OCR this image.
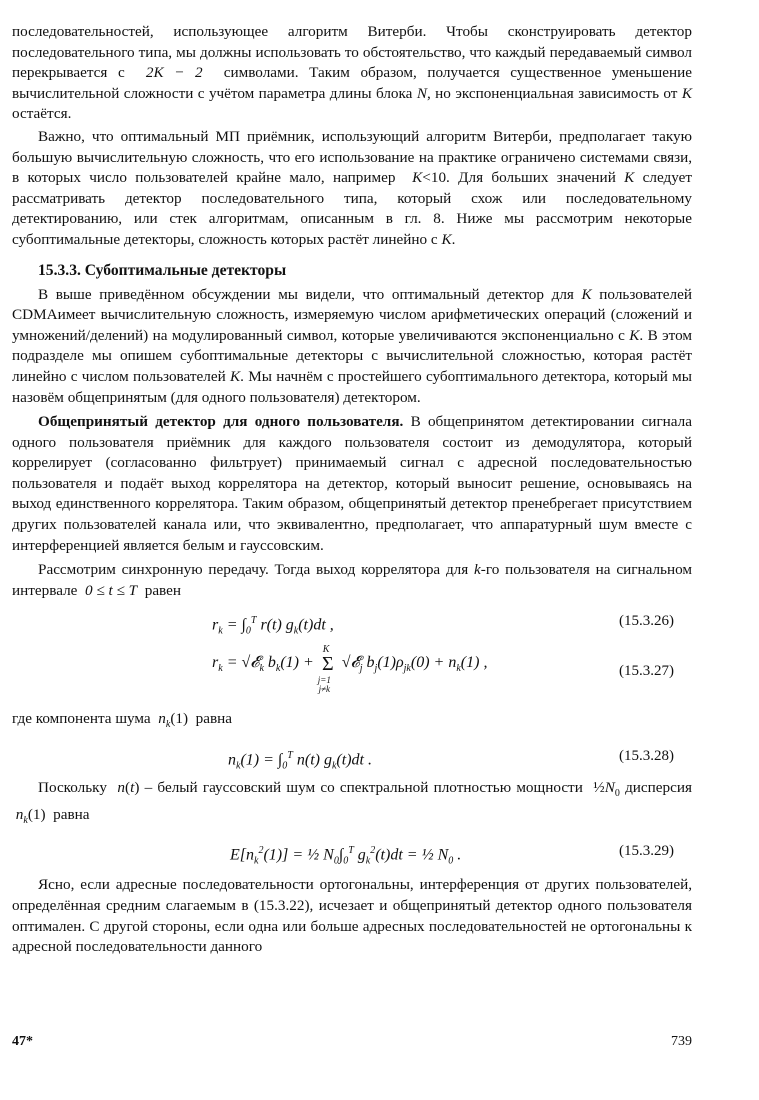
последовательностей, использующее алгоритм Витерби. Чтобы сконструировать детектор последовательного типа, мы должны использовать то обстоятельство, что каждый передаваемый символ перекрывается с  2K − 2  символами. Таким образом, получается существенное уменьшение вычислительной сложности с учётом параметра длины блока N, но экспоненциальная зависимость от K остаётся.

Важно, что оптимальный МП приёмник, использующий алгоритм Витерби, предполагает такую большую вычислительную сложность, что его использование на практике ограничено системами связи, в которых число пользователей крайне мало, например  K<10. Для больших значений K следует рассматривать детектор последовательного типа, который схож или последовательному детектированию, или стек алгоритмам, описанным в гл. 8. Ниже мы рассмотрим некоторые субоптимальные детекторы, сложность которых растёт линейно с K.

15.3.3. Субоптимальные детекторы

В выше приведённом обсуждении мы видели, что оптимальный детектор для K пользователей CDMAимеет вычислительную сложность, измеряемую числом арифметических операций (сложений и умножений/делений) на модулированный символ, которые увеличиваются экспоненциально с K. В этом подразделе мы опишем субоптимальные детекторы с вычислительной сложностью, которая растёт линейно с числом пользователей K. Мы начнём с простейшего субоптимального детектора, который мы назовём общепринятым (для одного пользователя) детектором.

Общепринятый детектор для одного пользователя. В общепринятом детектировании сигнала одного пользователя приёмник для каждого пользователя состоит из демодулятора, который коррелирует (согласованно фильтрует) принимаемый сигнал с адресной последовательностью пользователя и подаёт выход коррелятора на детектор, который выносит решение, основываясь на выход единственного коррелятора. Таким образом, общепринятый детектор пренебрегает присутствием других пользователей канала или, что эквивалентно, предполагает, что аппаратурный шум вместе с интерференцией является белым и гауссовским.

Рассмотрим синхронную передачу. Тогда выход коррелятора для k-го пользователя на сигнальном интервале  0 ≤ t ≤ T  равен

$r_k = \int_0^T$ r(t) $g_k(t)dt$ ,	(15.3.26)
$r_k$ = √𝓔$_k$ $b_k(1) + \Sigma$
K
j=1
j≠k
√𝓔$_j$ $b_j(1)\rho_{jk}(0) + n_k(1)$ ,	(15.3.27)

где компонента шума  $n_k(1)$  равна

$n_k(1) = \int_0^T$ n(t) $g_k(t)dt$ .	(15.3.28)

Поскольку  n(t) – белый гауссовский шум со спектральной плотностью мощности  $\frac{1}{2}N_0$ дисперсия  $n_k(1)$  равна

$E[n_k^2(1)]$ = ½ $N_0\int_0^T$ $g_k^2(t)dt$ = ½ $N_0$ .	(15.3.29)

Ясно, если адресные последовательности ортогональны, интерференция от других пользователей, определённая средним слагаемым в (15.3.22), исчезает и общепринятый детектор одного пользователя оптимален. С другой стороны, если одна или больше адресных последовательностей не ортогональны к адресной последовательности данного

47*	739
